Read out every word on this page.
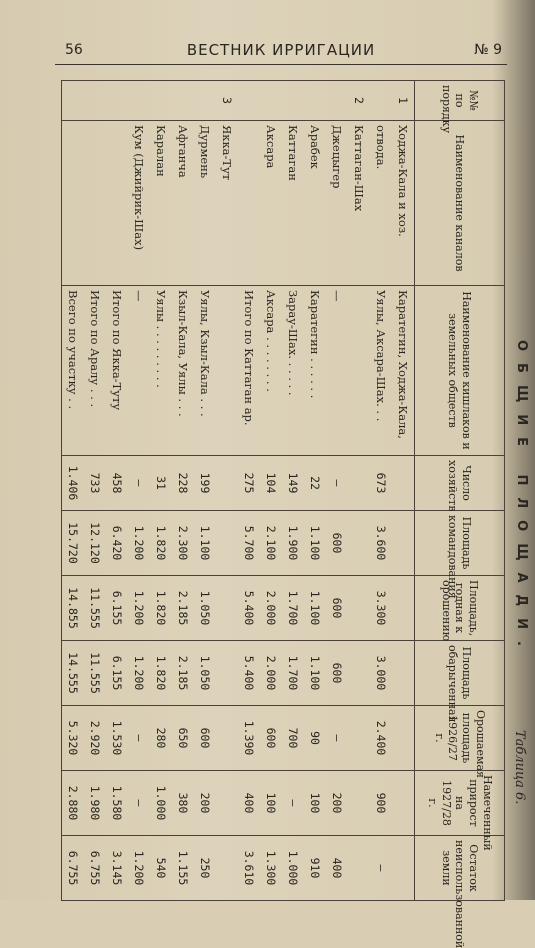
56	ВЕСТНИК ИРРИГАЦИИ	№ 9
ОБЩИЕ ПЛОЩАДИ.
Таблица 6.
№№ по порядку	Наименование каналов	Наименование кишлаков и земельных обществ	Число хозяйств	Площадь командования	Площадь, годная к орошению	Площадь обарыченная	Орошаемая площадь 1926/27 г.	Намеченный прирост на 1927/28 г.	Остаток неиспользованной земли
1	Ходжа-Кала и хоз.	Каратегин, Ходжа-Кала,							
	отвода.	Уялы, Аксара-Шах. . .	673	3.600	3.300	3.000	2.400	900	—
2	Каттаган-Шах								
	Джецыгер	—	—	600	600	600	—	200	400
	Арабек	Каратегин . . . . . .	22	1.100	1.100	1.100	90	100	910
	Каттаган	Зарау-Шах. . . . . .	149	1.900	1.700	1.700	700	—	1.000
	Аксара	Аксара . . . . . . . .	104	2.100	2.000	2.000	600	100	1.300
		Итого по Каттаган ар.	275	5.700	5.400	5.400	1.390	400	3.610
3	Якка-Тут								
	Дурмень	Уялы, Кзыл-Кала . . .	199	1.100	1.050	1.050	600	200	250
	Афганча	Кзыл-Кала, Уялы . . .	228	2.300	2.185	2.185	650	380	1.155
	Каралан	Уялы . . . . . . . . .	31	1.820	1.820	1.820	280	1.000	540
	Кум (Джийрик-Шах)	—	—	1.200	1.200	1.200	—	—	1.200
		Итого по Якка-Туту	458	6.420	6.155	6.155	1.530	1.580	3.145
		Итого по Аралу . . .	733	12.120	11.555	11.555	2.920	1.980	6.755
		Всего по участку . .	1.406	15.720	14.855	14.555	5.320	2.880	6.755
